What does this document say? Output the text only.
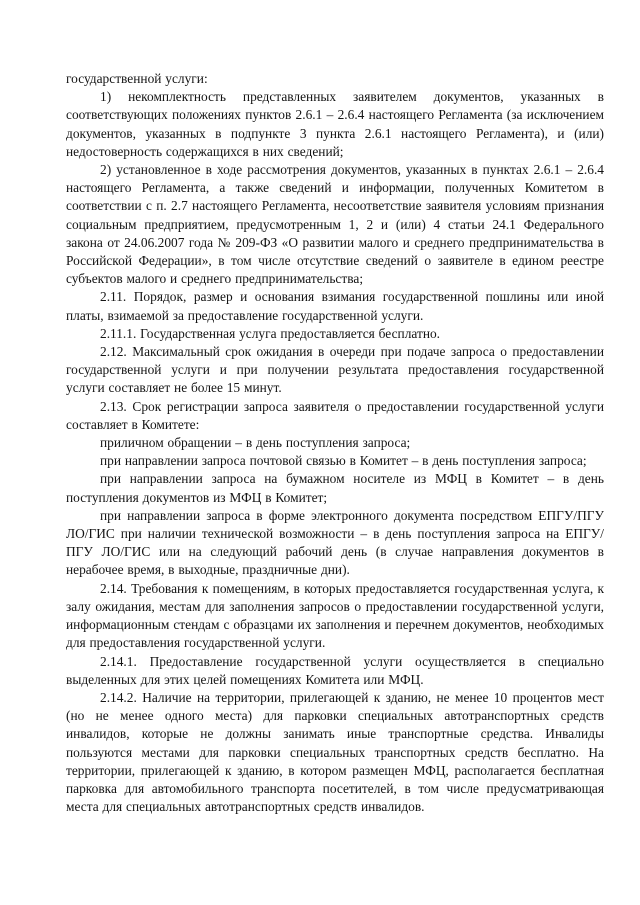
государственной услуги:

1) некомплектность представленных заявителем документов, указанных в соответствующих положениях пунктов 2.6.1 – 2.6.4 настоящего Регламента (за исключением документов, указанных в подпункте 3 пункта 2.6.1 настоящего Регламента), и (или) недостоверность содержащихся в них сведений;

2) установленное в ходе рассмотрения документов, указанных в пунктах 2.6.1 – 2.6.4 настоящего Регламента, а также сведений и информации, полученных Комитетом в соответствии с п. 2.7 настоящего Регламента, несоответствие заявителя условиям признания социальным предприятием, предусмотренным 1, 2 и (или) 4 статьи 24.1 Федерального закона от 24.06.2007 года № 209-ФЗ «О развитии малого и среднего предпринимательства в Российской Федерации», в том числе отсутствие сведений о заявителе в едином реестре субъектов малого и среднего предпринимательства;

2.11. Порядок, размер и основания взимания государственной пошлины или иной платы, взимаемой за предоставление государственной услуги.

2.11.1. Государственная услуга предоставляется бесплатно.

2.12. Максимальный срок ожидания в очереди при подаче запроса о предоставлении государственной услуги и при получении результата предоставления государственной услуги составляет не более 15 минут.

2.13. Срок регистрации запроса заявителя о предоставлении государственной услуги составляет в Комитете:

приличном обращении – в день поступления запроса;

при направлении запроса почтовой связью в Комитет – в день поступления запроса;

при направлении запроса на бумажном носителе из МФЦ в Комитет – в день поступления документов из МФЦ в Комитет;

при направлении запроса в форме электронного документа посредством ЕПГУ/ПГУ ЛО/ГИС при наличии технической возможности – в день поступления запроса на ЕПГУ/ПГУ ЛО/ГИС или на следующий рабочий день (в случае направления документов в нерабочее время, в выходные, праздничные дни).

2.14. Требования к помещениям, в которых предоставляется государственная услуга, к залу ожидания, местам для заполнения запросов о предоставлении государственной услуги, информационным стендам с образцами их заполнения и перечнем документов, необходимых для предоставления государственной услуги.

2.14.1. Предоставление государственной услуги осуществляется в специально выделенных для этих целей помещениях Комитета или МФЦ.

2.14.2. Наличие на территории, прилегающей к зданию, не менее 10 процентов мест (но не менее одного места) для парковки специальных автотранспортных средств инвалидов, которые не должны занимать иные транспортные средства. Инвалиды пользуются местами для парковки специальных транспортных средств бесплатно. На территории, прилегающей к зданию, в котором размещен МФЦ, располагается бесплатная парковка для автомобильного транспорта посетителей, в том числе предусматривающая места для специальных автотранспортных средств инвалидов.
